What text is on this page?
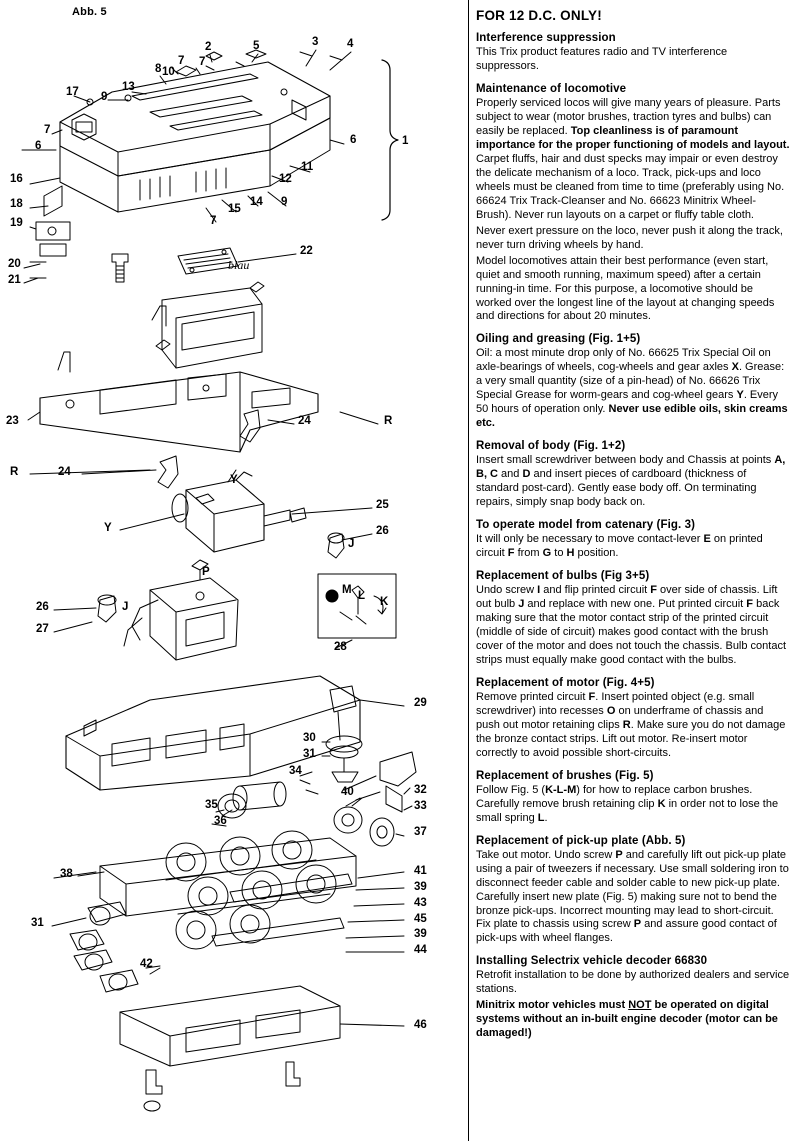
Abb. 5
1
2	3 4
5
6
6
7 7
7
7
8
9
9
10
11
12
13
14
15
16
17
18
19
20
21
22
23	24
24
R
R
Y
Y
25
26
26
J
J
27
P
M L K
28
29
30
31
31
32
33
34
35
36
37
38
39
39
40
41
42
43
44
45
46
blau
FOR 12 D.C. ONLY!
Interference suppression

This Trix product features radio and TV interference suppressors.

Maintenance of locomotive

Properly serviced locos will give many years of pleasure. Parts subject to wear (motor brushes, traction tyres and bulbs) can easily be replaced. Top cleanliness is of paramount importance for the proper functioning of models and layout. Carpet fluffs, hair and dust specks may impair or even destroy the delicate mechanism of a loco. Track, pick-ups and loco wheels must be cleaned from time to time (preferably using No. 66624 Trix Track-Cleanser and No. 66623 Minitrix Wheel-Brush). Never run layouts on a carpet or fluffy table cloth.

Never exert pressure on the loco, never push it along the track, never turn driving wheels by hand.

Model locomotives attain their best performance (even start, quiet and smooth running, maximum speed) after a certain running-in time. For this purpose, a locomotive should be worked over the longest line of the layout at changing speeds and directions for about 20 minutes.

Oiling and greasing (Fig. 1+5)

Oil: a most minute drop only of No. 66625 Trix Special Oil on axle-bearings of wheels, cog-wheels and gear axles X. Grease: a very small quantity (size of a pin-head) of No. 66626 Trix Special Grease for worm-gears and cog-wheel gears Y. Every 50 hours of operation only. Never use edible oils, skin creams etc.

Removal of body (Fig. 1+2)

Insert small screwdriver between body and Chassis at points A, B, C and D and insert pieces of cardboard (thickness of standard post-card). Gently ease body off. On terminating repairs, simply snap body back on.

To operate model from catenary (Fig. 3)

It will only be necessary to move contact-lever E on printed circuit F from G to H position.

Replacement of bulbs (Fig 3+5)

Undo screw I and flip printed circuit F over side of chassis. Lift out bulb J and replace with new one. Put printed circuit F back making sure that the motor contact strip of the printed circuit (middle of side of circuit) makes good contact with the brush cover of the motor and does not touch the chassis. Bulb contact strips must equally make good contact with the bulbs.

Replacement of motor (Fig. 4+5)

Remove printed circuit F. Insert pointed object (e.g. small screwdriver) into recesses O on underframe of chassis and push out motor retaining clips R. Make sure you do not damage the bronze contact strips. Lift out motor. Re-insert motor correctly to avoid possible short-circuits.

Replacement of brushes (Fig. 5)

Follow Fig. 5 (K-L-M) for how to replace carbon brushes. Carefully remove brush retaining clip K in order not to lose the small spring L.

Replacement of pick-up plate (Abb. 5)

Take out motor. Undo screw P and carefully lift out pick-up plate using a pair of tweezers if necessary. Use small soldering iron to disconnect feeder cable and solder cable to new pick-up plate. Carefully insert new plate (Fig. 5) making sure not to bend the bronze pick-ups. Incorrect mounting may lead to short-circuit. Fix plate to chassis using screw P and assure good contact of pick-ups with wheel flanges.

Installing Selectrix vehicle decoder 66830

Retrofit installation to be done by authorized dealers and service stations.

Minitrix motor vehicles must NOT be operated on digital systems without an in-built engine decoder (motor can be damaged!)
